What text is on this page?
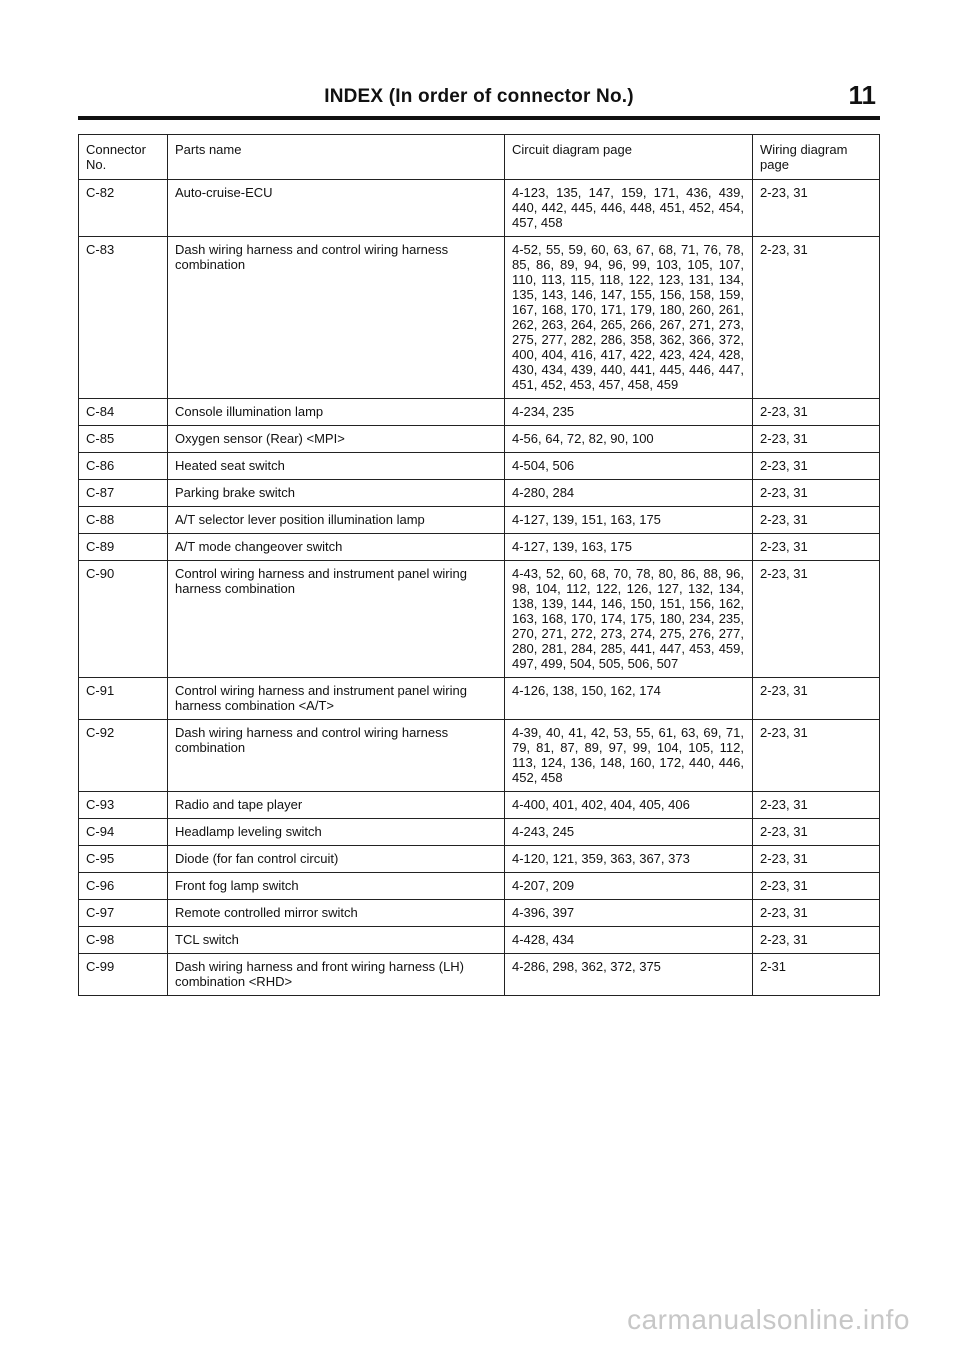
INDEX (In order of connector No.)	11
Connector No.	Parts name	Circuit diagram page	Wiring diagram page
C-82	Auto-cruise-ECU	4-123, 135, 147, 159, 171, 436, 439, 440, 442, 445, 446, 448, 451, 452, 454, 457, 458	2-23, 31
C-83	Dash wiring harness and control wiring harness combination	4-52, 55, 59, 60, 63, 67, 68, 71, 76, 78, 85, 86, 89, 94, 96, 99, 103, 105, 107, 110, 113, 115, 118, 122, 123, 131, 134, 135, 143, 146, 147, 155, 156, 158, 159, 167, 168, 170, 171, 179, 180, 260, 261, 262, 263, 264, 265, 266, 267, 271, 273, 275, 277, 282, 286, 358, 362, 366, 372, 400, 404, 416, 417, 422, 423, 424, 428, 430, 434, 439, 440, 441, 445, 446, 447, 451, 452, 453, 457, 458, 459	2-23, 31
C-84	Console illumination lamp	4-234, 235	2-23, 31
C-85	Oxygen sensor (Rear) <MPI>	4-56, 64, 72, 82, 90, 100	2-23, 31
C-86	Heated seat switch	4-504, 506	2-23, 31
C-87	Parking brake switch	4-280, 284	2-23, 31
C-88	A/T selector lever position illumination lamp	4-127, 139, 151, 163, 175	2-23, 31
C-89	A/T mode changeover switch	4-127, 139, 163, 175	2-23, 31
C-90	Control wiring harness and instrument panel wiring harness combination	4-43, 52, 60, 68, 70, 78, 80, 86, 88, 96, 98, 104, 112, 122, 126, 127, 132, 134, 138, 139, 144, 146, 150, 151, 156, 162, 163, 168, 170, 174, 175, 180, 234, 235, 270, 271, 272, 273, 274, 275, 276, 277, 280, 281, 284, 285, 441, 447, 453, 459, 497, 499, 504, 505, 506, 507	2-23, 31
C-91	Control wiring harness and instrument panel wiring harness combination <A/T>	4-126, 138, 150, 162, 174	2-23, 31
C-92	Dash wiring harness and control wiring harness combination	4-39, 40, 41, 42, 53, 55, 61, 63, 69, 71, 79, 81, 87, 89, 97, 99, 104, 105, 112, 113, 124, 136, 148, 160, 172, 440, 446, 452, 458	2-23, 31
C-93	Radio and tape player	4-400, 401, 402, 404, 405, 406	2-23, 31
C-94	Headlamp leveling switch	4-243, 245	2-23, 31
C-95	Diode (for fan control circuit)	4-120, 121, 359, 363, 367, 373	2-23, 31
C-96	Front fog lamp switch	4-207, 209	2-23, 31
C-97	Remote controlled mirror switch	4-396, 397	2-23, 31
C-98	TCL switch	4-428, 434	2-23, 31
C-99	Dash wiring harness and front wiring harness (LH) combination <RHD>	4-286, 298, 362, 372, 375	2-31
carmanualsonline.info
